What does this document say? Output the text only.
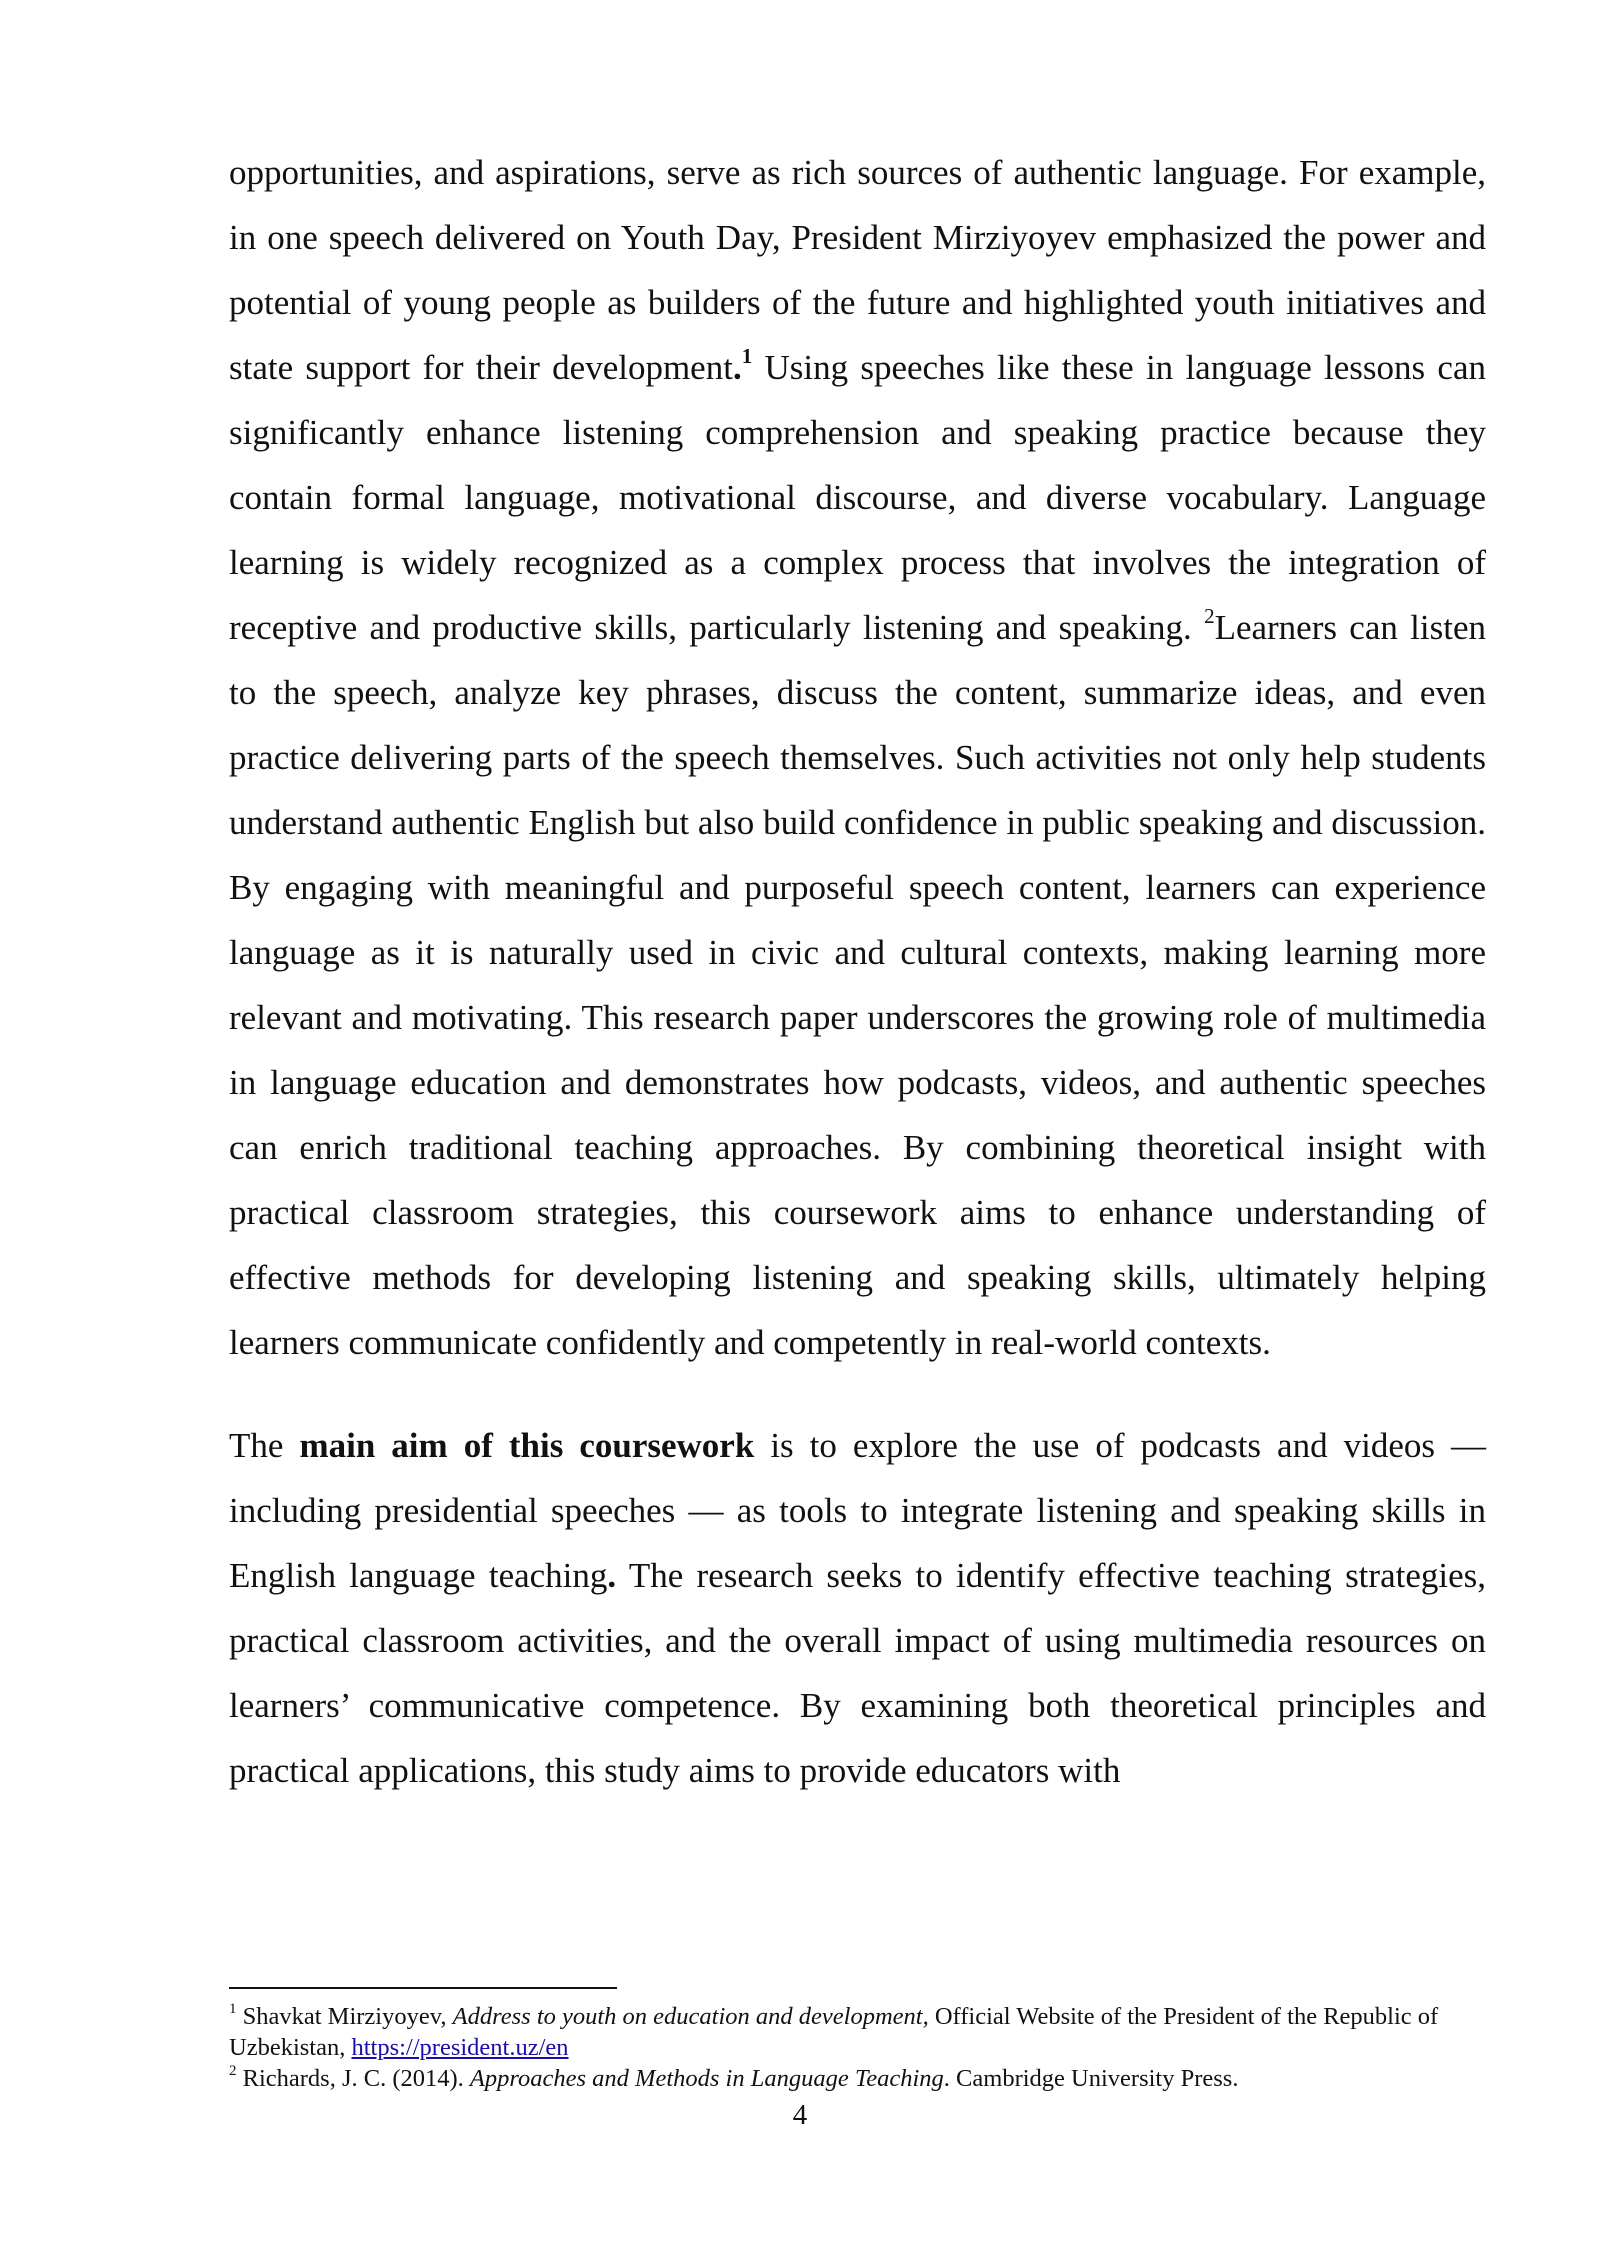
opportunities, and aspirations, serve as rich sources of authentic language. For example, in one speech delivered on Youth Day, President Mirziyoyev emphasized the power and potential of young people as builders of the future and highlighted youth initiatives and state support for their development.$^1$ Using speeches like these in language lessons can significantly enhance listening comprehension and speaking practice because they contain formal language, motivational discourse, and diverse vocabulary. Language learning is widely recognized as a complex process that involves the integration of receptive and productive skills, particularly listening and speaking. $^2$Learners can listen to the speech, analyze key phrases, discuss the content, summarize ideas, and even practice delivering parts of the speech themselves. Such activities not only help students understand authentic English but also build confidence in public speaking and discussion. By engaging with meaningful and purposeful speech content, learners can experience language as it is naturally used in civic and cultural contexts, making learning more relevant and motivating. This research paper underscores the growing role of multimedia in language education and demonstrates how podcasts, videos, and authentic speeches can enrich traditional teaching approaches. By combining theoretical insight with practical classroom strategies, this coursework aims to enhance understanding of effective methods for developing listening and speaking skills, ultimately helping learners communicate confidently and competently in real-world contexts.

The main aim of this coursework is to explore the use of podcasts and videos — including presidential speeches — as tools to integrate listening and speaking skills in English language teaching. The research seeks to identify effective teaching strategies, practical classroom activities, and the overall impact of using multimedia resources on learners’ communicative competence. By examining both theoretical principles and practical applications, this study aims to provide educators with

$^1$ Shavkat Mirziyoyev, Address to youth on education and development, Official Website of the President of the Republic of Uzbekistan, https://president.uz/en

$^2$ Richards, J. C. (2014). Approaches and Methods in Language Teaching. Cambridge University Press.

4
